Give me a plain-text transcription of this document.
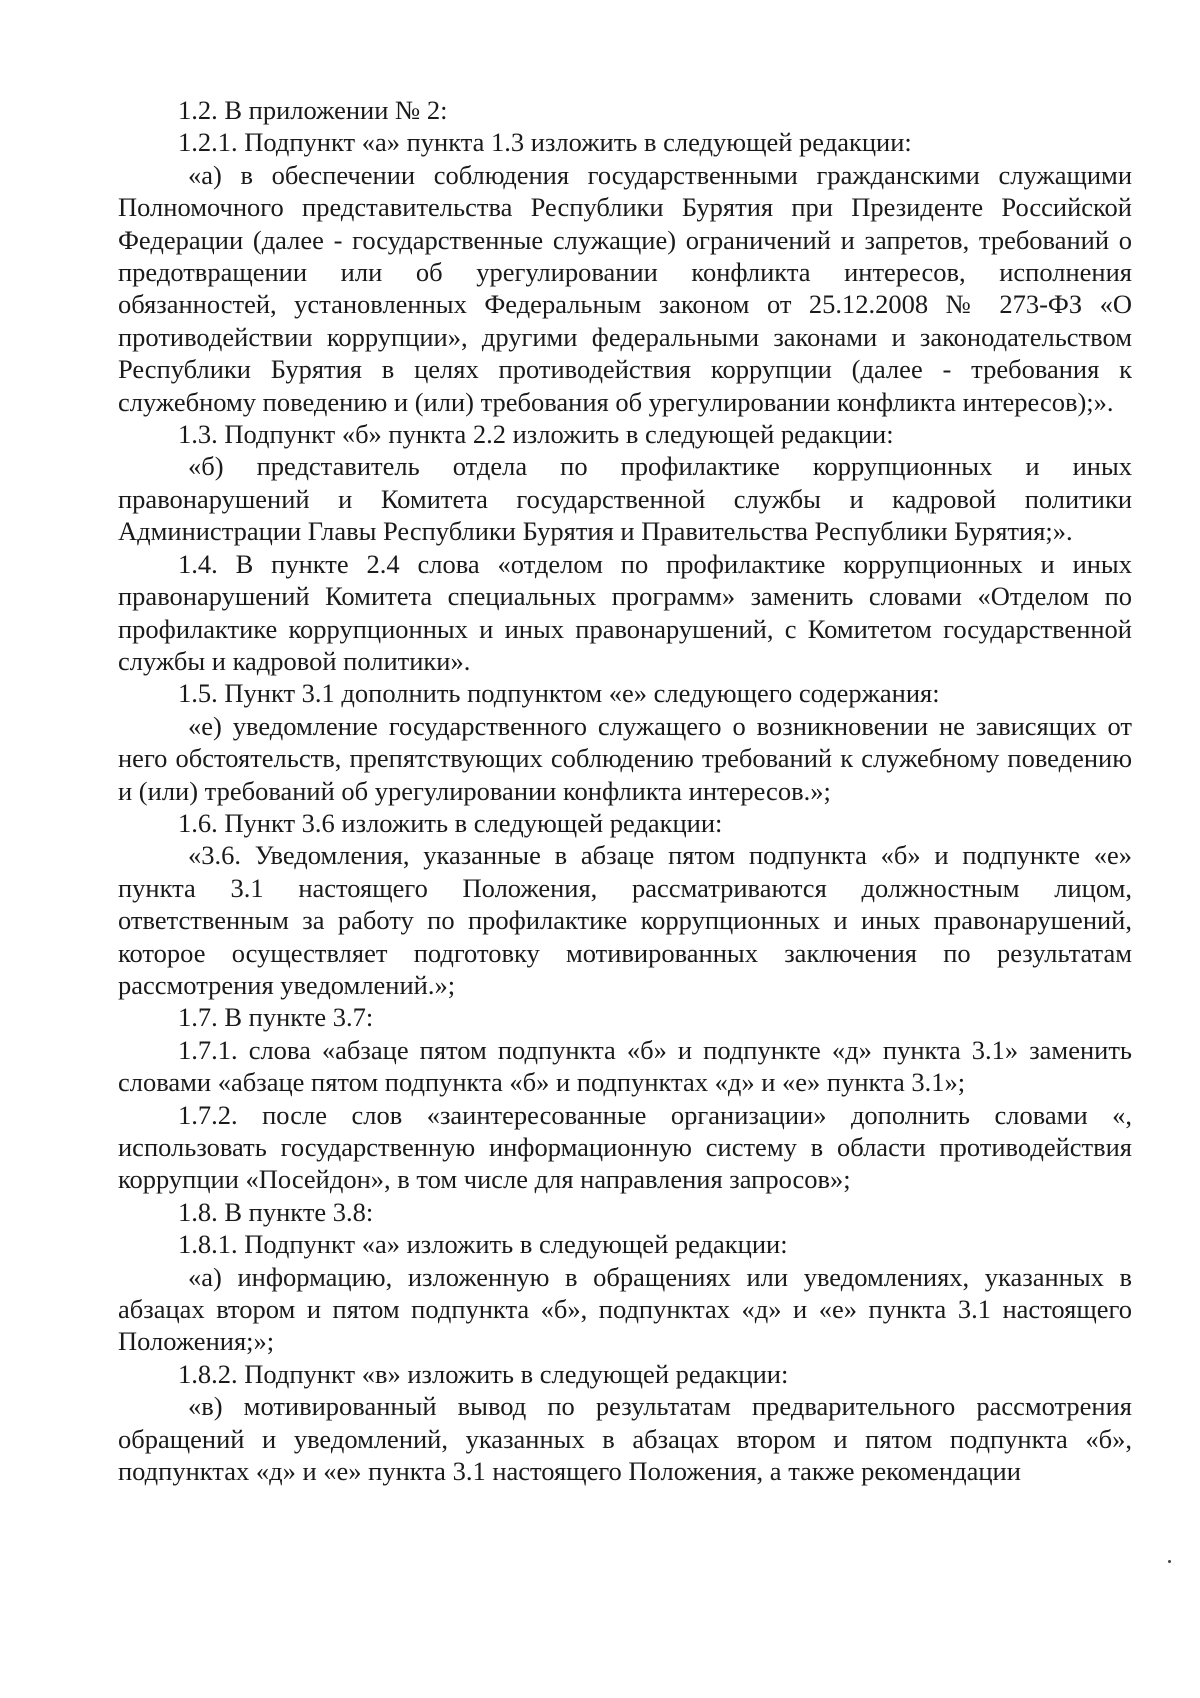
1.2. В приложении № 2:

1.2.1. Подпункт «а» пункта 1.3 изложить в следующей редакции:

«а) в обеспечении соблюдения государственными гражданскими служащими Полномочного представительства Республики Бурятия при Президенте Российской Федерации (далее - государственные служащие) ограничений и запретов, требований о предотвращении или об урегулировании конфликта интересов, исполнения обязанностей, установленных Федеральным законом от 25.12.2008 № 273-ФЗ «О противодействии коррупции», другими федеральными законами и законодательством Республики Бурятия в целях противодействия коррупции (далее - требования к служебному поведению и (или) требования об урегулировании конфликта интересов);».

1.3. Подпункт «б» пункта 2.2 изложить в следующей редакции:

«б) представитель отдела по профилактике коррупционных и иных правонарушений и Комитета государственной службы и кадровой политики Администрации Главы Республики Бурятия и Правительства Республики Бурятия;».

1.4. В пункте 2.4 слова «отделом по профилактике коррупционных и иных правонарушений Комитета специальных программ» заменить словами «Отделом по профилактике коррупционных и иных правонарушений, с Комитетом государственной службы и кадровой политики».

1.5. Пункт 3.1 дополнить подпунктом «е» следующего содержания:

«е) уведомление государственного служащего о возникновении не зависящих от него обстоятельств, препятствующих соблюдению требований к служебному поведению и (или) требований об урегулировании конфликта интересов.»;

1.6. Пункт 3.6 изложить в следующей редакции:

«3.6. Уведомления, указанные в абзаце пятом подпункта «б» и подпункте «е» пункта 3.1 настоящего Положения, рассматриваются должностным лицом, ответственным за работу по профилактике коррупционных и иных правонарушений, которое осуществляет подготовку мотивированных заключения по результатам рассмотрения уведомлений.»;

1.7. В пункте 3.7:

1.7.1. слова «абзаце пятом подпункта «б» и подпункте «д» пункта 3.1» заменить словами «абзаце пятом подпункта «б» и подпунктах «д» и «е» пункта 3.1»;

1.7.2. после слов «заинтересованные организации» дополнить словами «, использовать государственную информационную систему в области противодействия коррупции «Посейдон», в том числе для направления запросов»;

1.8. В пункте 3.8:

1.8.1. Подпункт «а» изложить в следующей редакции:

«а) информацию, изложенную в обращениях или уведомлениях, указанных в абзацах втором и пятом подпункта «б», подпунктах «д» и «е» пункта 3.1 настоящего Положения;»;

1.8.2. Подпункт «в» изложить в следующей редакции:

«в) мотивированный вывод по результатам предварительного рассмотрения обращений и уведомлений, указанных в абзацах втором и пятом подпункта «б», подпунктах «д» и «е» пункта 3.1 настоящего Положения, а также рекомендации
